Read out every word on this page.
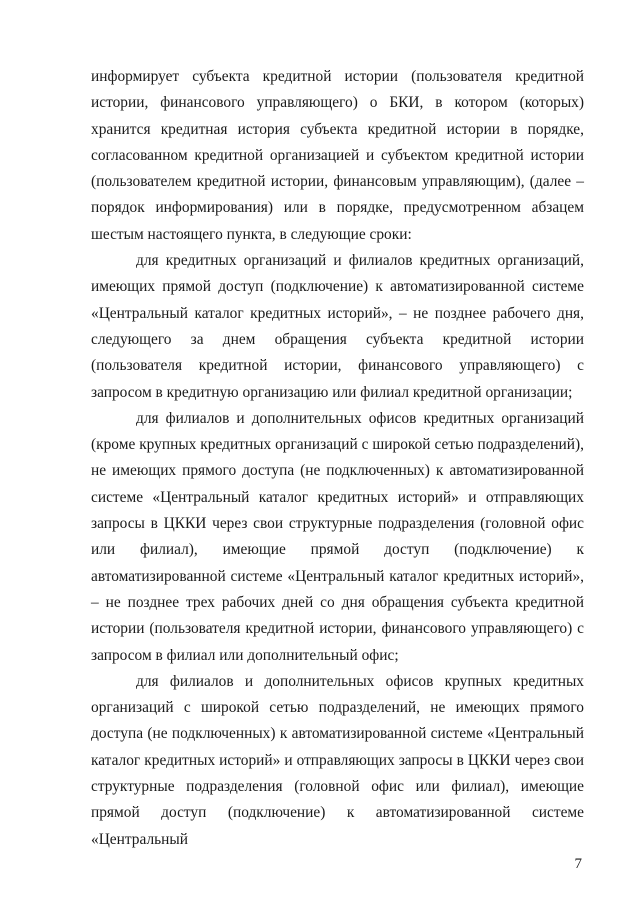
информирует субъекта кредитной истории (пользователя кредитной истории, финансового управляющего) о БКИ, в котором (которых) хранится кредитная история субъекта кредитной истории в порядке, согласованном кредитной организацией и субъектом кредитной истории (пользователем кредитной истории, финансовым управляющим), (далее – порядок информирования) или в порядке, предусмотренном абзацем шестым настоящего пункта, в следующие сроки:

для кредитных организаций и филиалов кредитных организаций, имеющих прямой доступ (подключение) к автоматизированной системе «Центральный каталог кредитных историй», – не позднее рабочего дня, следующего за днем обращения субъекта кредитной истории (пользователя кредитной истории, финансового управляющего) с запросом в кредитную организацию или филиал кредитной организации;

для филиалов и дополнительных офисов кредитных организаций (кроме крупных кредитных организаций с широкой сетью подразделений), не имеющих прямого доступа (не подключенных) к автоматизированной системе «Центральный каталог кредитных историй» и отправляющих запросы в ЦККИ через свои структурные подразделения (головной офис или филиал), имеющие прямой доступ (подключение) к автоматизированной системе «Центральный каталог кредитных историй», – не позднее трех рабочих дней со дня обращения субъекта кредитной истории (пользователя кредитной истории, финансового управляющего) с запросом в филиал или дополнительный офис;

для филиалов и дополнительных офисов крупных кредитных организаций с широкой сетью подразделений, не имеющих прямого доступа (не подключенных) к автоматизированной системе «Центральный каталог кредитных историй» и отправляющих запросы в ЦККИ через свои структурные подразделения (головной офис или филиал), имеющие прямой доступ (подключение) к автоматизированной системе «Центральный

7
